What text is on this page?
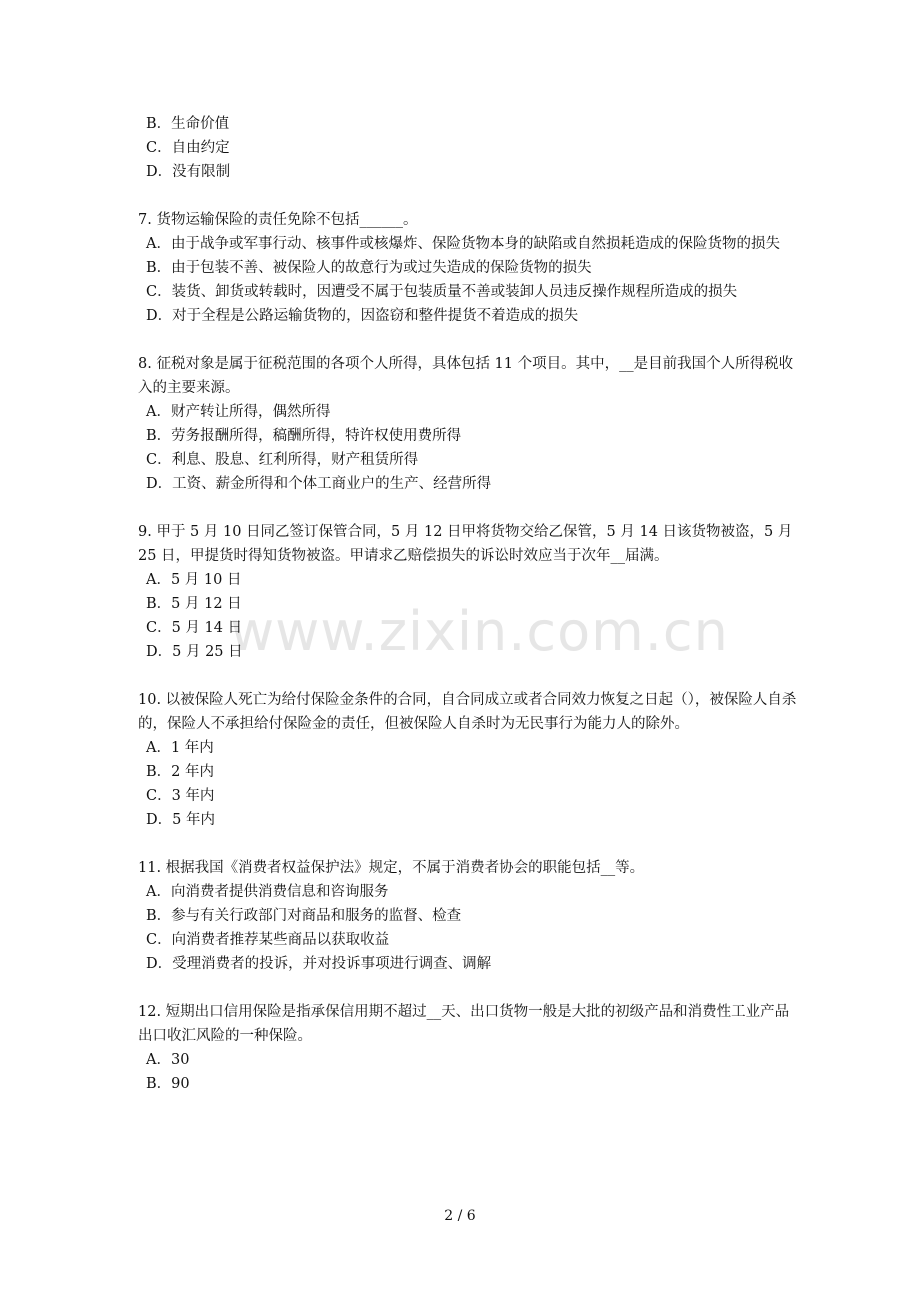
www.zixin.com.cn

B．生命价值

C．自由约定

D．没有限制

7. 货物运输保险的责任免除不包括______。

A．由于战争或军事行动、核事件或核爆炸、保险货物本身的缺陷或自然损耗造成的保险货物的损失

B．由于包装不善、被保险人的故意行为或过失造成的保险货物的损失

C．装货、卸货或转载时，因遭受不属于包装质量不善或装卸人员违反操作规程所造成的损失

D．对于全程是公路运输货物的，因盗窃和整件提货不着造成的损失

8. 征税对象是属于征税范围的各项个人所得，具体包括 11 个项目。其中，__是目前我国个人所得税收入的主要来源。

A．财产转让所得，偶然所得

B．劳务报酬所得，稿酬所得，特许权使用费所得

C．利息、股息、红利所得，财产租赁所得

D．工资、薪金所得和个体工商业户的生产、经营所得

9. 甲于 5 月 10 日同乙签订保管合同，5 月 12 日甲将货物交给乙保管，5 月 14 日该货物被盗，5 月 25 日，甲提货时得知货物被盗。甲请求乙赔偿损失的诉讼时效应当于次年__届满。

A．5 月 10 日

B．5 月 12 日

C．5 月 14 日

D．5 月 25 日

10. 以被保险人死亡为给付保险金条件的合同，自合同成立或者合同效力恢复之日起（），被保险人自杀的，保险人不承担给付保险金的责任，但被保险人自杀时为无民事行为能力人的除外。

A．1 年内

B．2 年内

C．3 年内

D．5 年内

11. 根据我国《消费者权益保护法》规定，不属于消费者协会的职能包括__等。

A．向消费者提供消费信息和咨询服务

B．参与有关行政部门对商品和服务的监督、检查

C．向消费者推荐某些商品以获取收益

D．受理消费者的投诉，并对投诉事项进行调查、调解

12. 短期出口信用保险是指承保信用期不超过__天、出口货物一般是大批的初级产品和消费性工业产品出口收汇风险的一种保险。

A．30

B．90

2 / 6
